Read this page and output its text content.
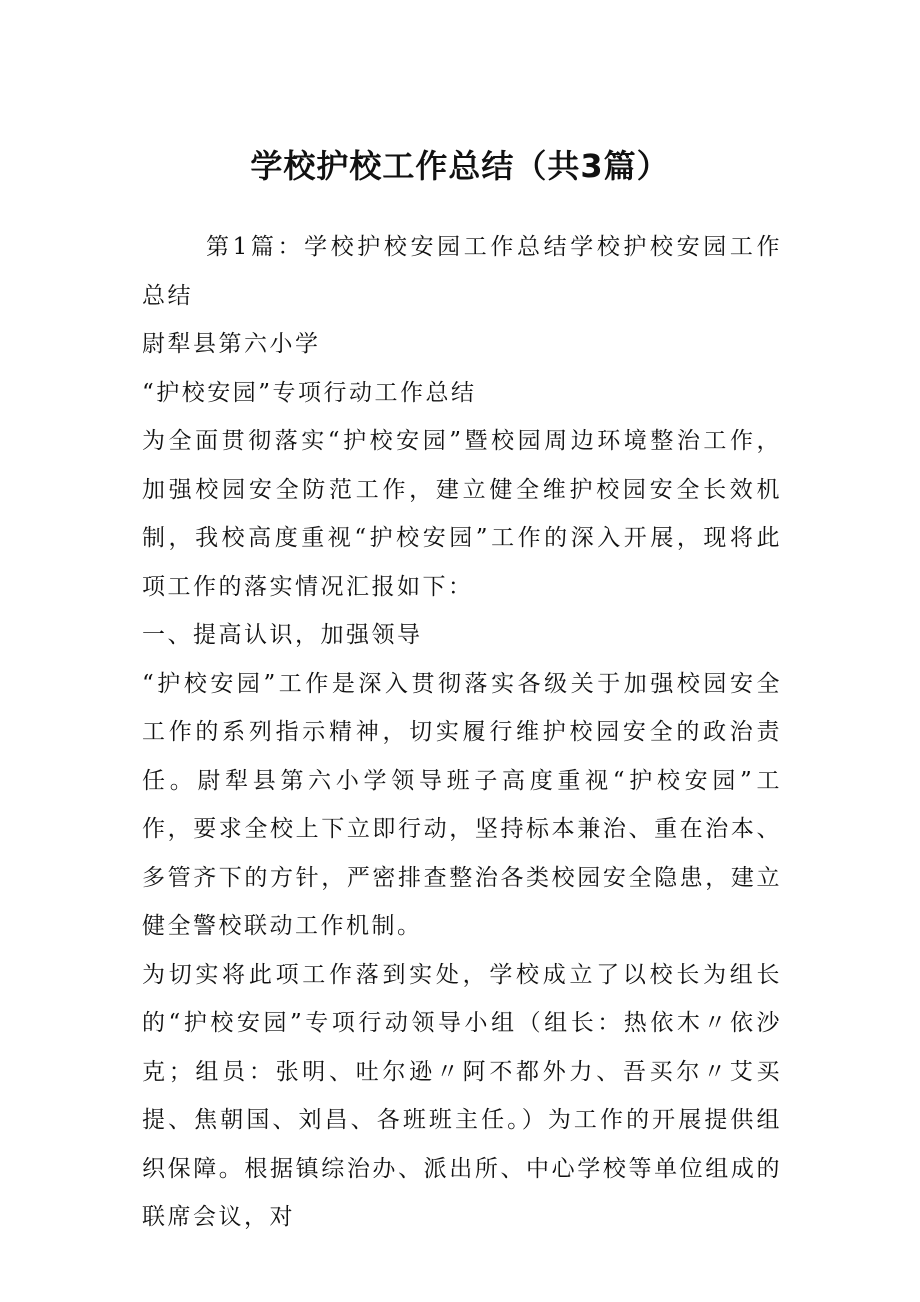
学校护校工作总结（共3篇）

第1篇：学校护校安园工作总结学校护校安园工作总结

尉犁县第六小学

“护校安园”专项行动工作总结

为全面贯彻落实“护校安园”暨校园周边环境整治工作，加强校园安全防范工作，建立健全维护校园安全长效机制，我校高度重视“护校安园”工作的深入开展，现将此项工作的落实情况汇报如下：

一、提高认识，加强领导

“护校安园”工作是深入贯彻落实各级关于加强校园安全工作的系列指示精神，切实履行维护校园安全的政治责任。尉犁县第六小学领导班子高度重视“护校安园”工作，要求全校上下立即行动，坚持标本兼治、重在治本、多管齐下的方针，严密排查整治各类校园安全隐患，建立健全警校联动工作机制。

为切实将此项工作落到实处，学校成立了以校长为组长的“护校安园”专项行动领导小组（组长：热依木〃依沙克；组员：张明、吐尔逊〃阿不都外力、吾买尔〃艾买提、焦朝国、刘昌、各班班主任。）为工作的开展提供组织保障。根据镇综治办、派出所、中心学校等单位组成的联席会议，对
